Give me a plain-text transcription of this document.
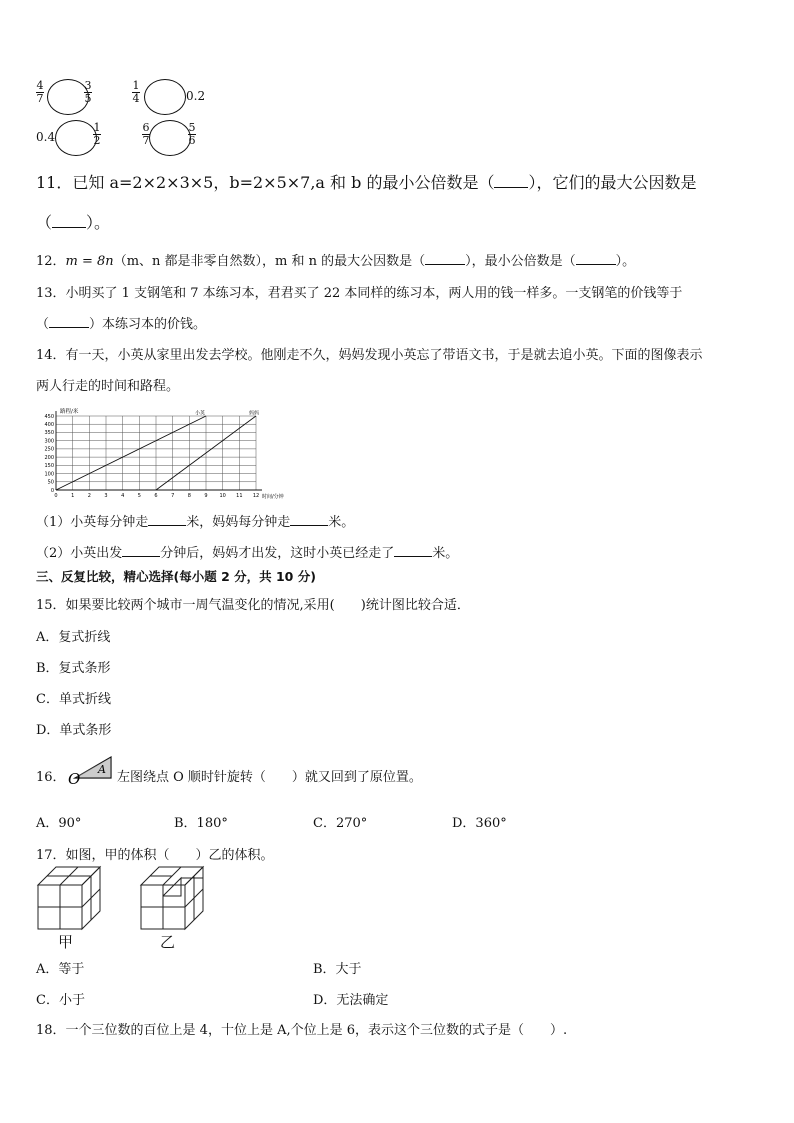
4
7
3
5
1
4	0.2
0.4
1
2
6
7
5
6
11．已知 a=2×2×3×5，b=2×5×7,a 和 b 的最小公倍数是（ ），它们的最大公因数是
（ ）。
12．m = 8n（m、n 都是非零自然数），m 和 n 的最大公因数是（	），最小公倍数是（	）。
13．小明买了 1 支钢笔和 7 本练习本，君君买了 22 本同样的练习本，两人用的钱一样多。一支钢笔的价钱等于
（	）本练习本的价钱。
14．有一天，小英从家里出发去学校。他刚走不久，妈妈发现小英忘了带语文书，于是就去追小英。下面的图像表示
两人行走的时间和路程。
0	1	2	3	4	5	6	7	8	9 10 11 12
0
50
100
150
200
250
300
350
400
450
小英	妈妈
路程/米
时间/分钟
（1）小英每分钟走	米，妈妈每分钟走	米。
（2）小英出发	分钟后，妈妈才出发，这时小英已经走了	米。
三、反复比较，精心选择(每小题 2 分，共 10 分)
15．如果要比较两个城市一周气温变化的情况,采用(　　)统计图比较合适．
A．复式折线
B．复式条形
C．单式折线
D．单式条形
16． O
A
左图绕点 O 顺时针旋转（　　）就又回到了原位置。
A．90°	B．180°	C．270°	D．360°
17．如图，甲的体积（　　）乙的体积。
甲	乙
A．等于	B．大于
C．小于	D．无法确定
18．一个三位数的百位上是 4，十位上是 A,个位上是 6，表示这个三位数的式子是（　　）.
